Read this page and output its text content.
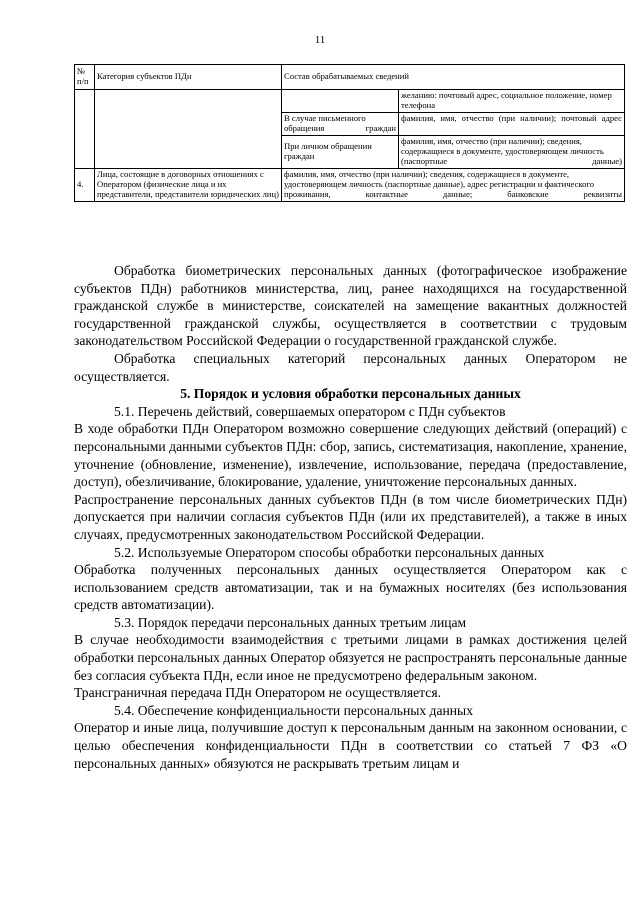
11
№ п/п	Категория субъектов ПДн	Состав обрабатываемых сведений	
			желанию: почтовый адрес, социальное положение, номер телефона
		В случае письменного обращения граждан	фамилия, имя, отчество (при наличии); почтовый адрес
		При личном обращении граждан	фамилия, имя, отчество (при наличии); сведения, содержащиеся в документе, удостоверяющем личность (паспортные данные)
4.	Лица, состоящие в договорных отношениях с Оператором (физические лица и их представители, представители юридических лиц)	фамилия, имя, отчество (при наличии); сведения, содержащиеся в документе, удостоверяющем личность (паспортные данные), адрес регистрации и фактического проживания, контактные данные; банковские реквизиты	

Обработка биометрических персональных данных (фотографическое изображение субъектов ПДн) работников министерства, лиц, ранее находящихся на государственной гражданской службе в министерстве, соискателей на замещение вакантных должностей государственной гражданской службы, осуществляется в соответствии с трудовым законодательством Российской Федерации о государственной гражданской службе.

Обработка специальных категорий персональных данных Оператором не осуществляется.

5. Порядок и условия обработки персональных данных

5.1. Перечень действий, совершаемых оператором с ПДн субъектов

В ходе обработки ПДн Оператором возможно совершение следующих действий (операций) с персональными данными субъектов ПДн: сбор, запись, систематизация, накопление, хранение, уточнение (обновление, изменение), извлечение, использование, передача (предоставление, доступ), обезличивание, блокирование, удаление, уничтожение персональных данных.

Распространение персональных данных субъектов ПДн (в том числе биометрических ПДн) допускается при наличии согласия субъектов ПДн (или их представителей), а также в иных случаях, предусмотренных законодательством Российской Федерации.

5.2. Используемые Оператором способы обработки персональных данных

Обработка полученных персональных данных осуществляется Оператором как с использованием средств автоматизации, так и на бумажных носителях (без использования средств автоматизации).

5.3. Порядок передачи персональных данных третьим лицам

В случае необходимости взаимодействия с третьими лицами в рамках достижения целей обработки персональных данных Оператор обязуется не распространять персональные данные без согласия субъекта ПДн, если иное не предусмотрено федеральным законом.

Трансграничная передача ПДн Оператором не осуществляется.

5.4. Обеспечение конфиденциальности персональных данных

Оператор и иные лица, получившие доступ к персональным данным на законном основании, с целью обеспечения конфиденциальности ПДн в соответствии со статьей 7 ФЗ «О персональных данных» обязуются не раскрывать третьим лицам и
